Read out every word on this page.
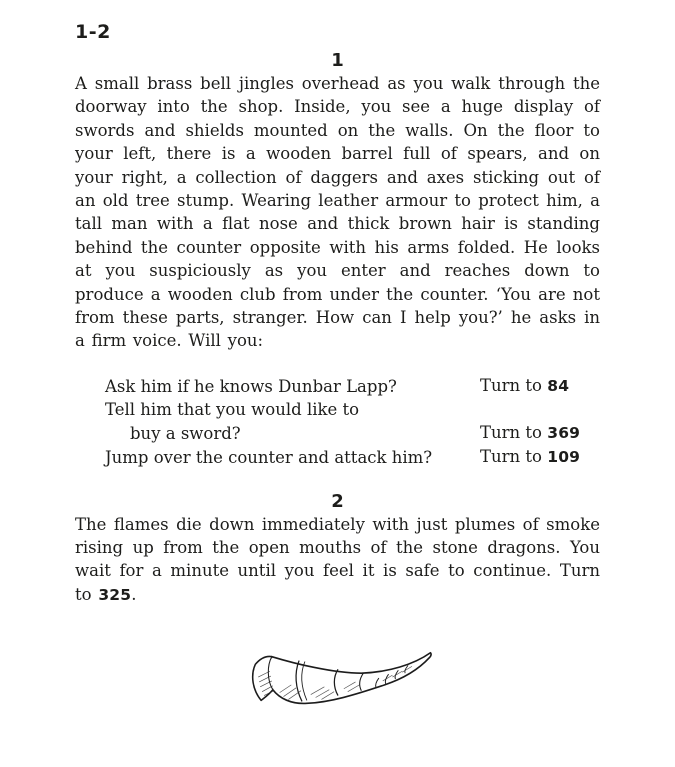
1-2
1

A small brass bell jingles overhead as you walk through the doorway into the shop. Inside, you see a huge display of swords and shields mounted on the walls. On the floor to your left, there is a wooden barrel full of spears, and on your right, a collection of daggers and axes sticking out of an old tree stump. Wearing leather armour to protect him, a tall man with a flat nose and thick brown hair is standing behind the counter opposite with his arms folded. He looks at you suspiciously as you enter and reaches down to produce a wooden club from under the counter. ‘You are not from these parts, stranger. How can I help you?’ he asks in a firm voice. Will you:

Ask him if he knows Dunbar Lapp?	Turn to 84
Tell him that you would like to
buy a sword?	Turn to 369
Jump over the counter and attack him?	Turn to 109
2

The flames die down immediately with just plumes of smoke rising up from the open mouths of the stone dragons. You wait for a minute until you feel it is safe to continue. Turn to 325.
